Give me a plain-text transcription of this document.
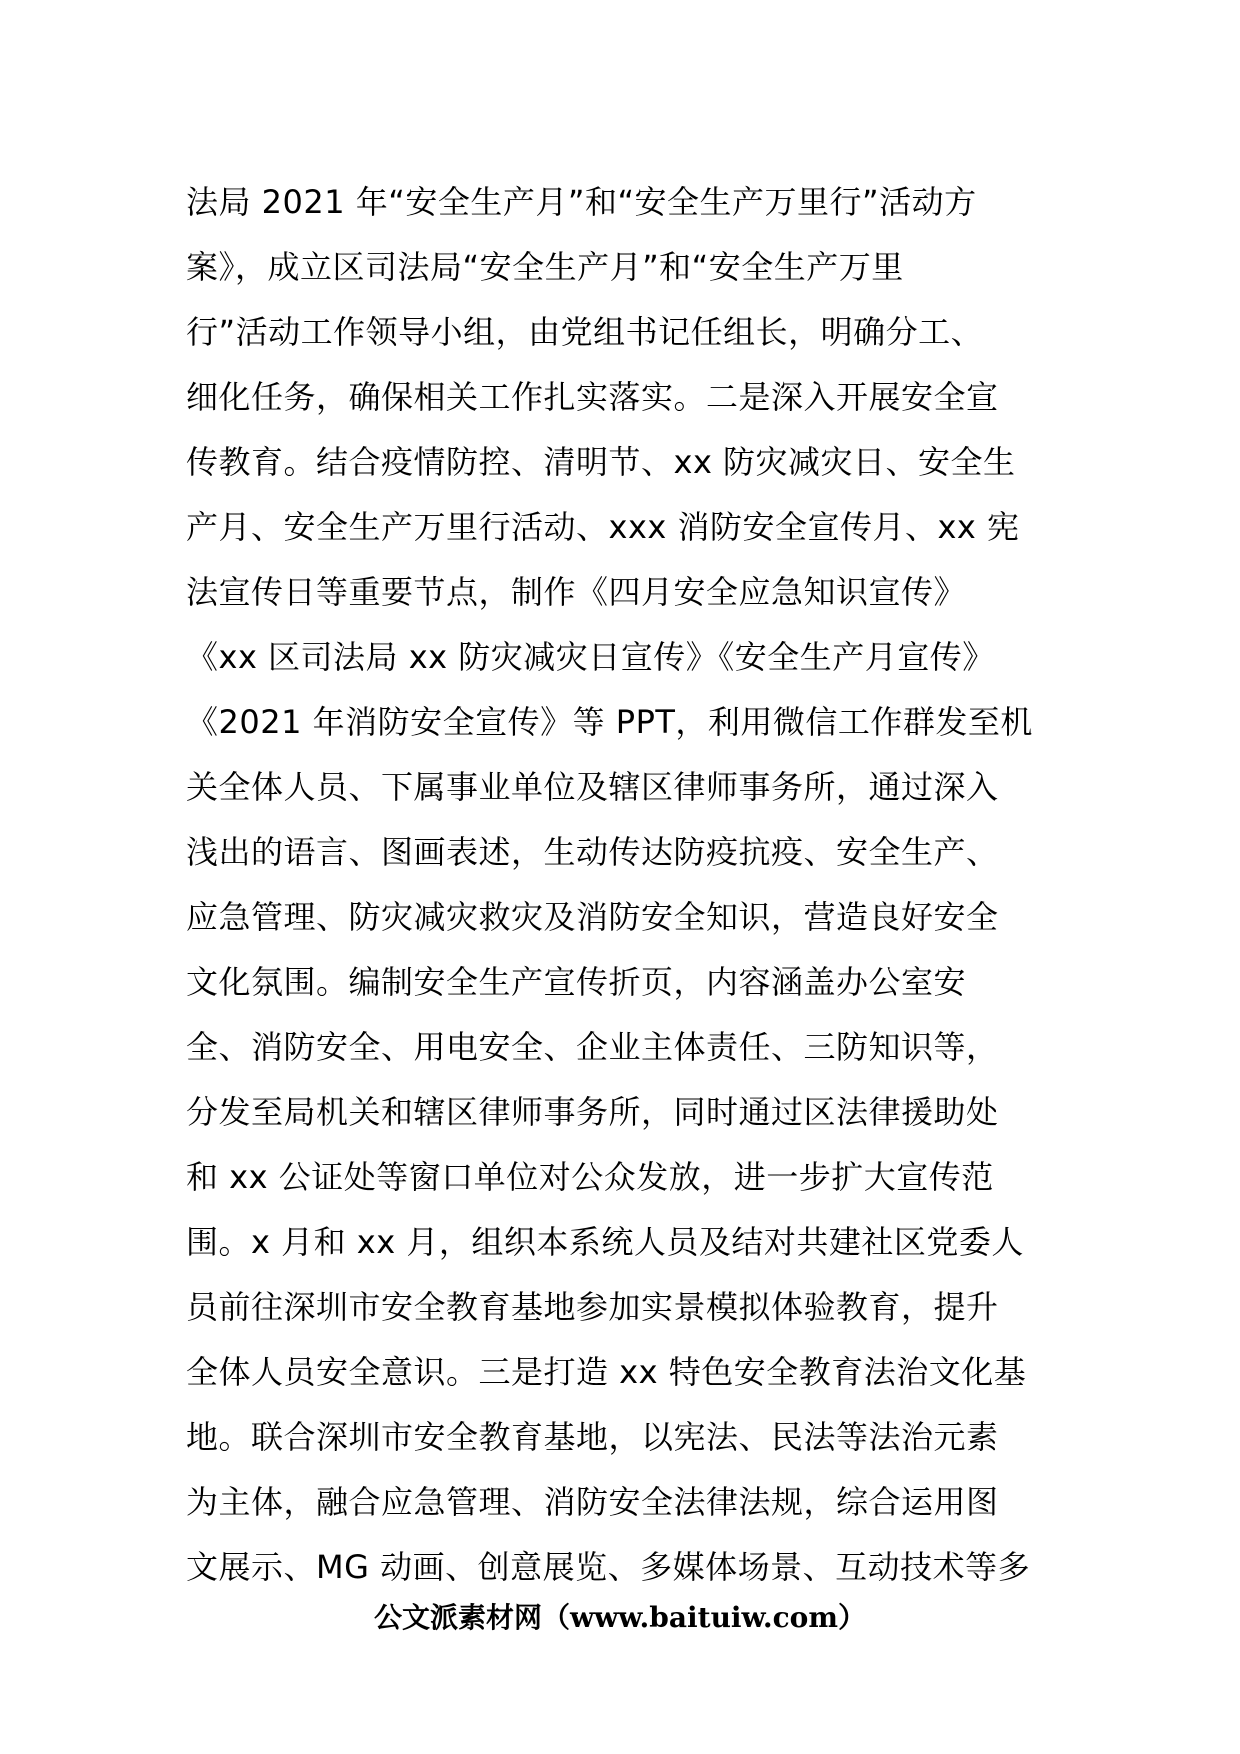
法局 2021 年“安全生产月”和“安全生产万里行”活动方
案》，成立区司法局“安全生产月”和“安全生产万里
行”活动工作领导小组，由党组书记任组长，明确分工、
细化任务，确保相关工作扎实落实。二是深入开展安全宣
传教育。结合疫情防控、清明节、xx 防灾减灾日、安全生
产月、安全生产万里行活动、xxx 消防安全宣传月、xx 宪
法宣传日等重要节点，制作《四月安全应急知识宣传》
《xx 区司法局 xx 防灾减灾日宣传》《安全生产月宣传》
《2021 年消防安全宣传》等 PPT，利用微信工作群发至机
关全体人员、下属事业单位及辖区律师事务所，通过深入
浅出的语言、图画表述，生动传达防疫抗疫、安全生产、
应急管理、防灾减灾救灾及消防安全知识，营造良好安全
文化氛围。编制安全生产宣传折页，内容涵盖办公室安
全、消防安全、用电安全、企业主体责任、三防知识等，
分发至局机关和辖区律师事务所，同时通过区法律援助处
和 xx 公证处等窗口单位对公众发放，进一步扩大宣传范
围。x 月和 xx 月，组织本系统人员及结对共建社区党委人
员前往深圳市安全教育基地参加实景模拟体验教育，提升
全体人员安全意识。三是打造 xx 特色安全教育法治文化基
地。联合深圳市安全教育基地，以宪法、民法等法治元素
为主体，融合应急管理、消防安全法律法规，综合运用图
文展示、MG 动画、创意展览、多媒体场景、互动技术等多
公文派素材网（www.baituiw.com）
